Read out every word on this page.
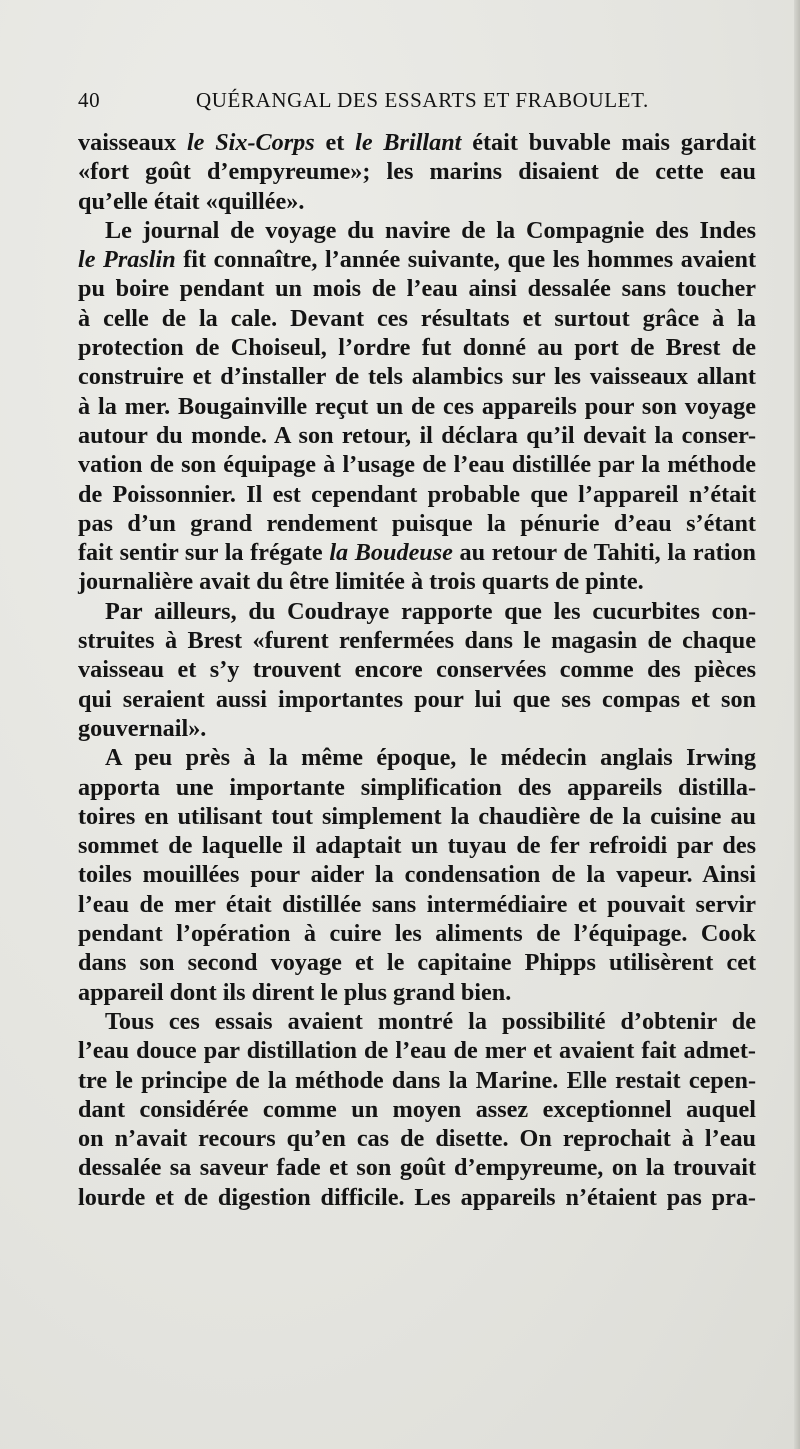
40	QUÉRANGAL DES ESSARTS ET FRABOULET.
vaisseaux le Six-Corps et le Brillant était buvable mais gardait
«fort goût d’empyreume»; les marins disaient de cette eau
qu’elle était «quillée».
Le journal de voyage du navire de la Compagnie des Indes
le Praslin fit connaître, l’année suivante, que les hommes avaient
pu boire pendant un mois de l’eau ainsi dessalée sans toucher
à celle de la cale. Devant ces résultats et surtout grâce à la
protection de Choiseul, l’ordre fut donné au port de Brest de
construire et d’installer de tels alambics sur les vaisseaux allant
à la mer. Bougainville reçut un de ces appareils pour son voyage
autour du monde. A son retour, il déclara qu’il devait la conser-
vation de son équipage à l’usage de l’eau distillée par la méthode
de Poissonnier. Il est cependant probable que l’appareil n’était
pas d’un grand rendement puisque la pénurie d’eau s’étant
fait sentir sur la frégate la Boudeuse au retour de Tahiti, la ration
journalière avait du être limitée à trois quarts de pinte.
Par ailleurs, du Coudraye rapporte que les cucurbites con-
struites à Brest «furent renfermées dans le magasin de chaque
vaisseau et s’y trouvent encore conservées comme des pièces
qui seraient aussi importantes pour lui que ses compas et son
gouvernail».
A peu près à la même époque, le médecin anglais Irwing
apporta une importante simplification des appareils distilla-
toires en utilisant tout simplement la chaudière de la cuisine au
sommet de laquelle il adaptait un tuyau de fer refroidi par des
toiles mouillées pour aider la condensation de la vapeur. Ainsi
l’eau de mer était distillée sans intermédiaire et pouvait servir
pendant l’opération à cuire les aliments de l’équipage. Cook
dans son second voyage et le capitaine Phipps utilisèrent cet
appareil dont ils dirent le plus grand bien.
Tous ces essais avaient montré la possibilité d’obtenir de
l’eau douce par distillation de l’eau de mer et avaient fait admet-
tre le principe de la méthode dans la Marine. Elle restait cepen-
dant considérée comme un moyen assez exceptionnel auquel
on n’avait recours qu’en cas de disette. On reprochait à l’eau
dessalée sa saveur fade et son goût d’empyreume, on la trouvait
lourde et de digestion difficile. Les appareils n’étaient pas pra-
